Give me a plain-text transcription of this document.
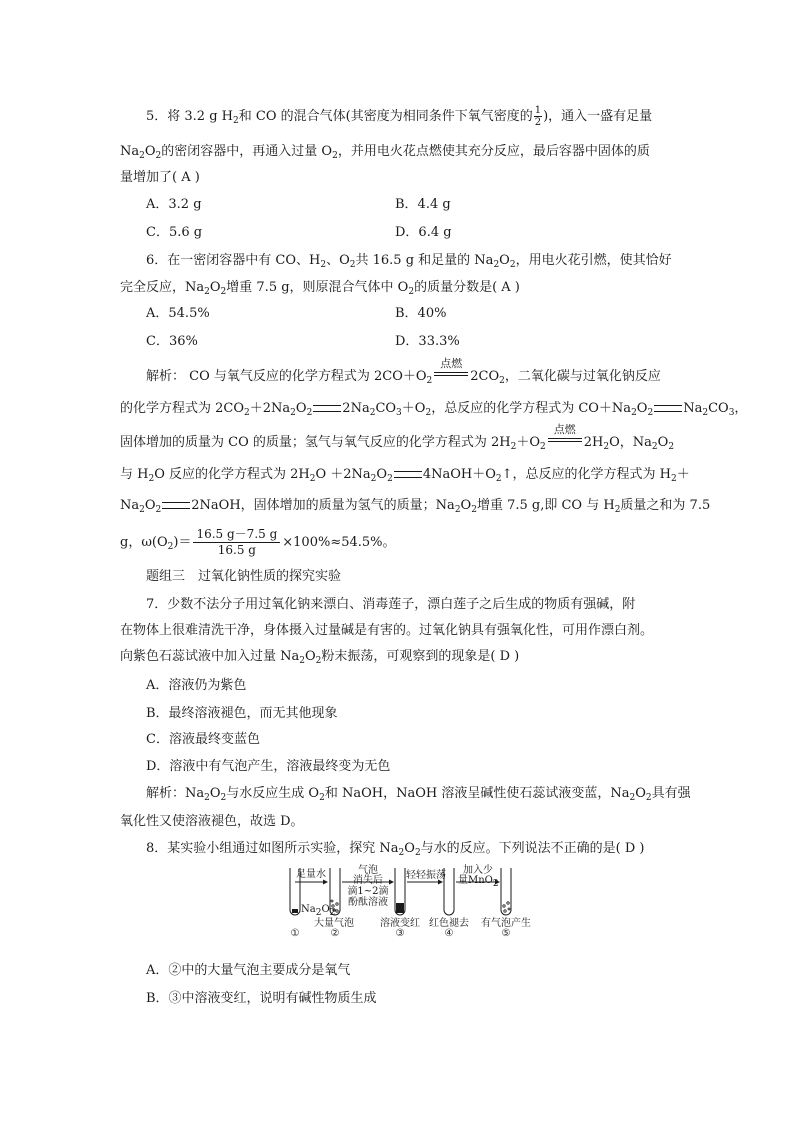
5．将 3.2 g $H_2$和 CO 的混合气体(其密度为相同条件下氧气密度的 $\frac{1}{2}$ )，通入一盛有足量
$Na_2O_2$的密闭容器中，再通入过量 $O_2$，并用电火花点燃使其充分反应，最后容器中固体的质
量增加了( A )
A．3.2 g	B．4.4 g
C．5.6 g	D．6.4 g
6．在一密闭容器中有 CO、$H_2$、$O_2$共 16.5 g 和足量的 $Na_2O_2$，用电火花引燃，使其恰好
完全反应，$Na_2O_2$增重 7.5 g，则原混合气体中 $O_2$的质量分数是( A )
A．54.5%	B．40%
C．36%	D．33.3%
解析： CO 与氧气反应的化学方程式为 $2CO+O_2$
点燃
$2CO_2$，二氧化碳与过氧化钠反应
的化学方程式为 $2CO_2+2Na_2O_2$ $2Na_2CO_3+O_2$，总反应的化学方程式为 $CO+Na_2O_2$ $Na_2CO_3$，
固体增加的质量为 CO 的质量；氢气与氧气反应的化学方程式为 $2H_2+O_2$
点燃
$2H_2O$，$Na_2O_2$
与 $H_2O$ 反应的化学方程式为 $2H_2O +2Na_2O_2$ $4NaOH+O_2↑$，总反应的化学方程式为 $H_2+$
$Na_2O_2$ 2NaOH，固体增加的质量为氢气的质量；$Na_2O_2$增重 7.5 g,即 CO 与 $H_2$质量之和为 7.5
g，$\omega(O_2)= \frac{16.5 g-7.5 g}{16.5 g} \times 100\%\approx 54.5\%$。
题组三　过氧化钠性质的探究实验
7．少数不法分子用过氧化钠来漂白、消毒莲子，漂白莲子之后生成的物质有强碱，附
在物体上很难清洗干净，身体摄入过量碱是有害的。过氧化钠具有强氧化性，可用作漂白剂。
向紫色石蕊试液中加入过量 $Na_2O_2$粉末振荡，可观察到的现象是( D )
A．溶液仍为紫色
B．最终溶液褪色，而无其他现象
C．溶液最终变蓝色
D．溶液中有气泡产生，溶液最终变为无色
解析：$Na_2O_2$与水反应生成 $O_2$和 NaOH，NaOH 溶液呈碱性使石蕊试液变蓝，$Na_2O_2$具有强
氧化性又使溶液褪色，故选 D。
8．某实验小组通过如图所示实验，探究 $Na_2O_2$与水的反应。下列说法不正确的是( D )
足量水
$Na_2O_2$
气泡
消失后
滴1~2滴
酚酞溶液
轻轻振荡	加入少
量MnO$_2$
大量气泡	溶液变红 红色褪去	有气泡产生
①	②	③	④	⑤
A．②中的大量气泡主要成分是氧气
B．③中溶液变红，说明有碱性物质生成
